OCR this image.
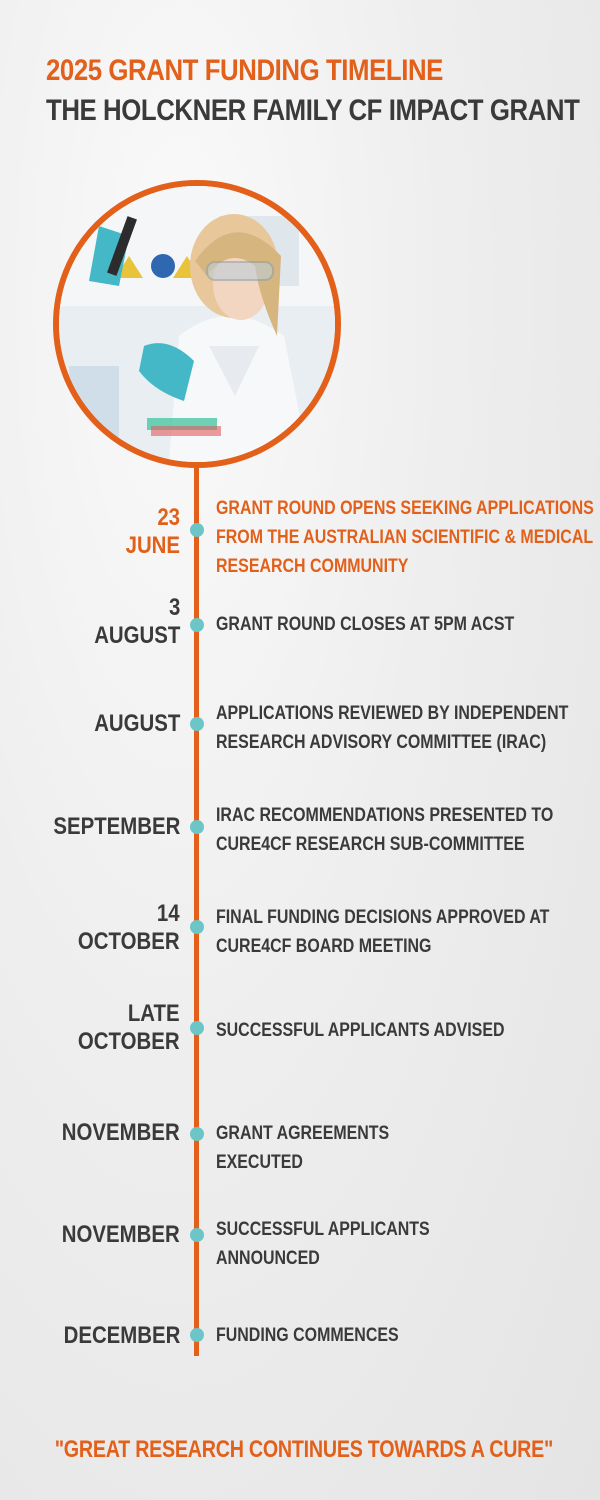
2025 GRANT FUNDING TIMELINE
THE HOLCKNER FAMILY CF IMPACT GRANT
23
JUNE
GRANT ROUND OPENS SEEKING APPLICATIONS
FROM THE AUSTRALIAN SCIENTIFIC & MEDICAL
RESEARCH COMMUNITY
3
AUGUST GRANT ROUND CLOSES AT 5PM ACST
AUGUST APPLICATIONS REVIEWED BY INDEPENDENT
RESEARCH ADVISORY COMMITTEE (IRAC)
SEPTEMBER IRAC RECOMMENDATIONS PRESENTED TO
CURE4CF RESEARCH SUB-COMMITTEE
14
OCTOBER
FINAL FUNDING DECISIONS APPROVED AT
CURE4CF BOARD MEETING
LATE
OCTOBER SUCCESSFUL APPLICANTS ADVISED
NOVEMBER GRANT AGREEMENTS
EXECUTED
NOVEMBER SUCCESSFUL APPLICANTS
ANNOUNCED
DECEMBER FUNDING COMMENCES
"GREAT RESEARCH CONTINUES TOWARDS A CURE"
